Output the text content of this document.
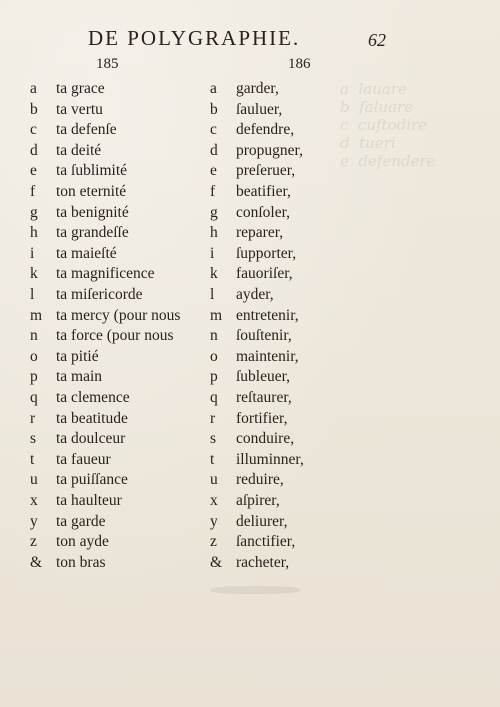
a  lauare
b  ſaluare
c  cuſtodire
d  tueri
e  defendere
DE POLYGRAPHIE.	62
185	186
a	ta grace	a garder,
b	ta vertu	b ſauluer,
c	ta defenſe	c defendre,
d	ta deité	d propugner,
e	ta ſublimité	e preſeruer,
f	ton eternité	f beatifier,
g	ta benignité	g conſoler,
h	ta grandeſſe	h reparer,
i	ta maieſté	i ſupporter,
k	ta magnificence	k fauoriſer,
l	ta miſericorde	l ayder,
m ta mercy (pour nous m entretenir,
n	ta force (pour nous n ſouſtenir,
o	ta pitié	o maintenir,
p	ta main	p ſubleuer,
q	ta clemence	q reſtaurer,
r	ta beatitude	r fortifier,
s	ta doulceur	s conduire,
t	ta faueur	t illuminner,
u	ta puiſſance	u reduire,
x	ta haulteur	x aſpirer,
y	ta garde	y deliurer,
z	ton ayde	z ſanctifier,
& ton bras	& racheter,
